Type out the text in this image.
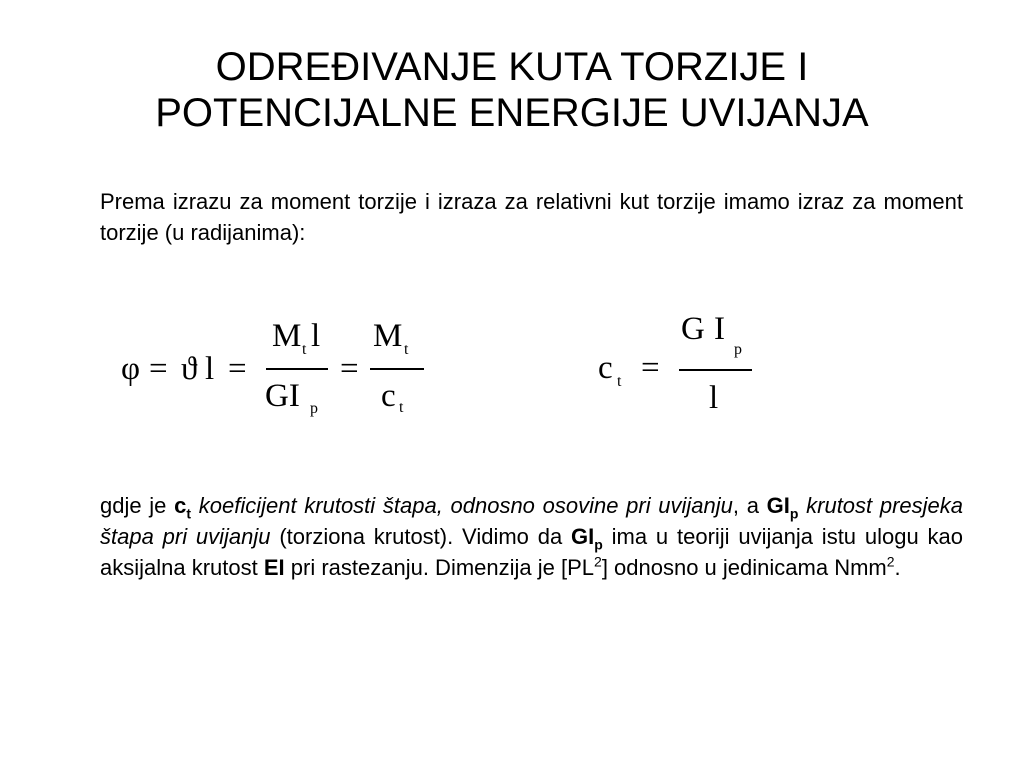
ODREĐIVANJE KUTA TORZIJE I
POTENCIJALNE ENERGIJE UVIJANJA
Prema izrazu za moment torzije i izraza za relativni kut torzije imamo izraz za moment torzije (u radijanima):
φ = ϑ l =
M t l
GI p
=
M t
c t
c t =
G I
p
l
gdje je $c_t$ koeficijent krutosti štapa, odnosno osovine pri uvijanju, a $GI_p$ krutost presjeka štapa pri uvijanju (torziona krutost). Vidimo da $GI_p$ ima u teoriji uvijanja istu ulogu kao aksijalna krutost EI pri rastezanju. Dimenzija je $[PL^2]$ odnosno u jedinicama Nmm$^2$.
